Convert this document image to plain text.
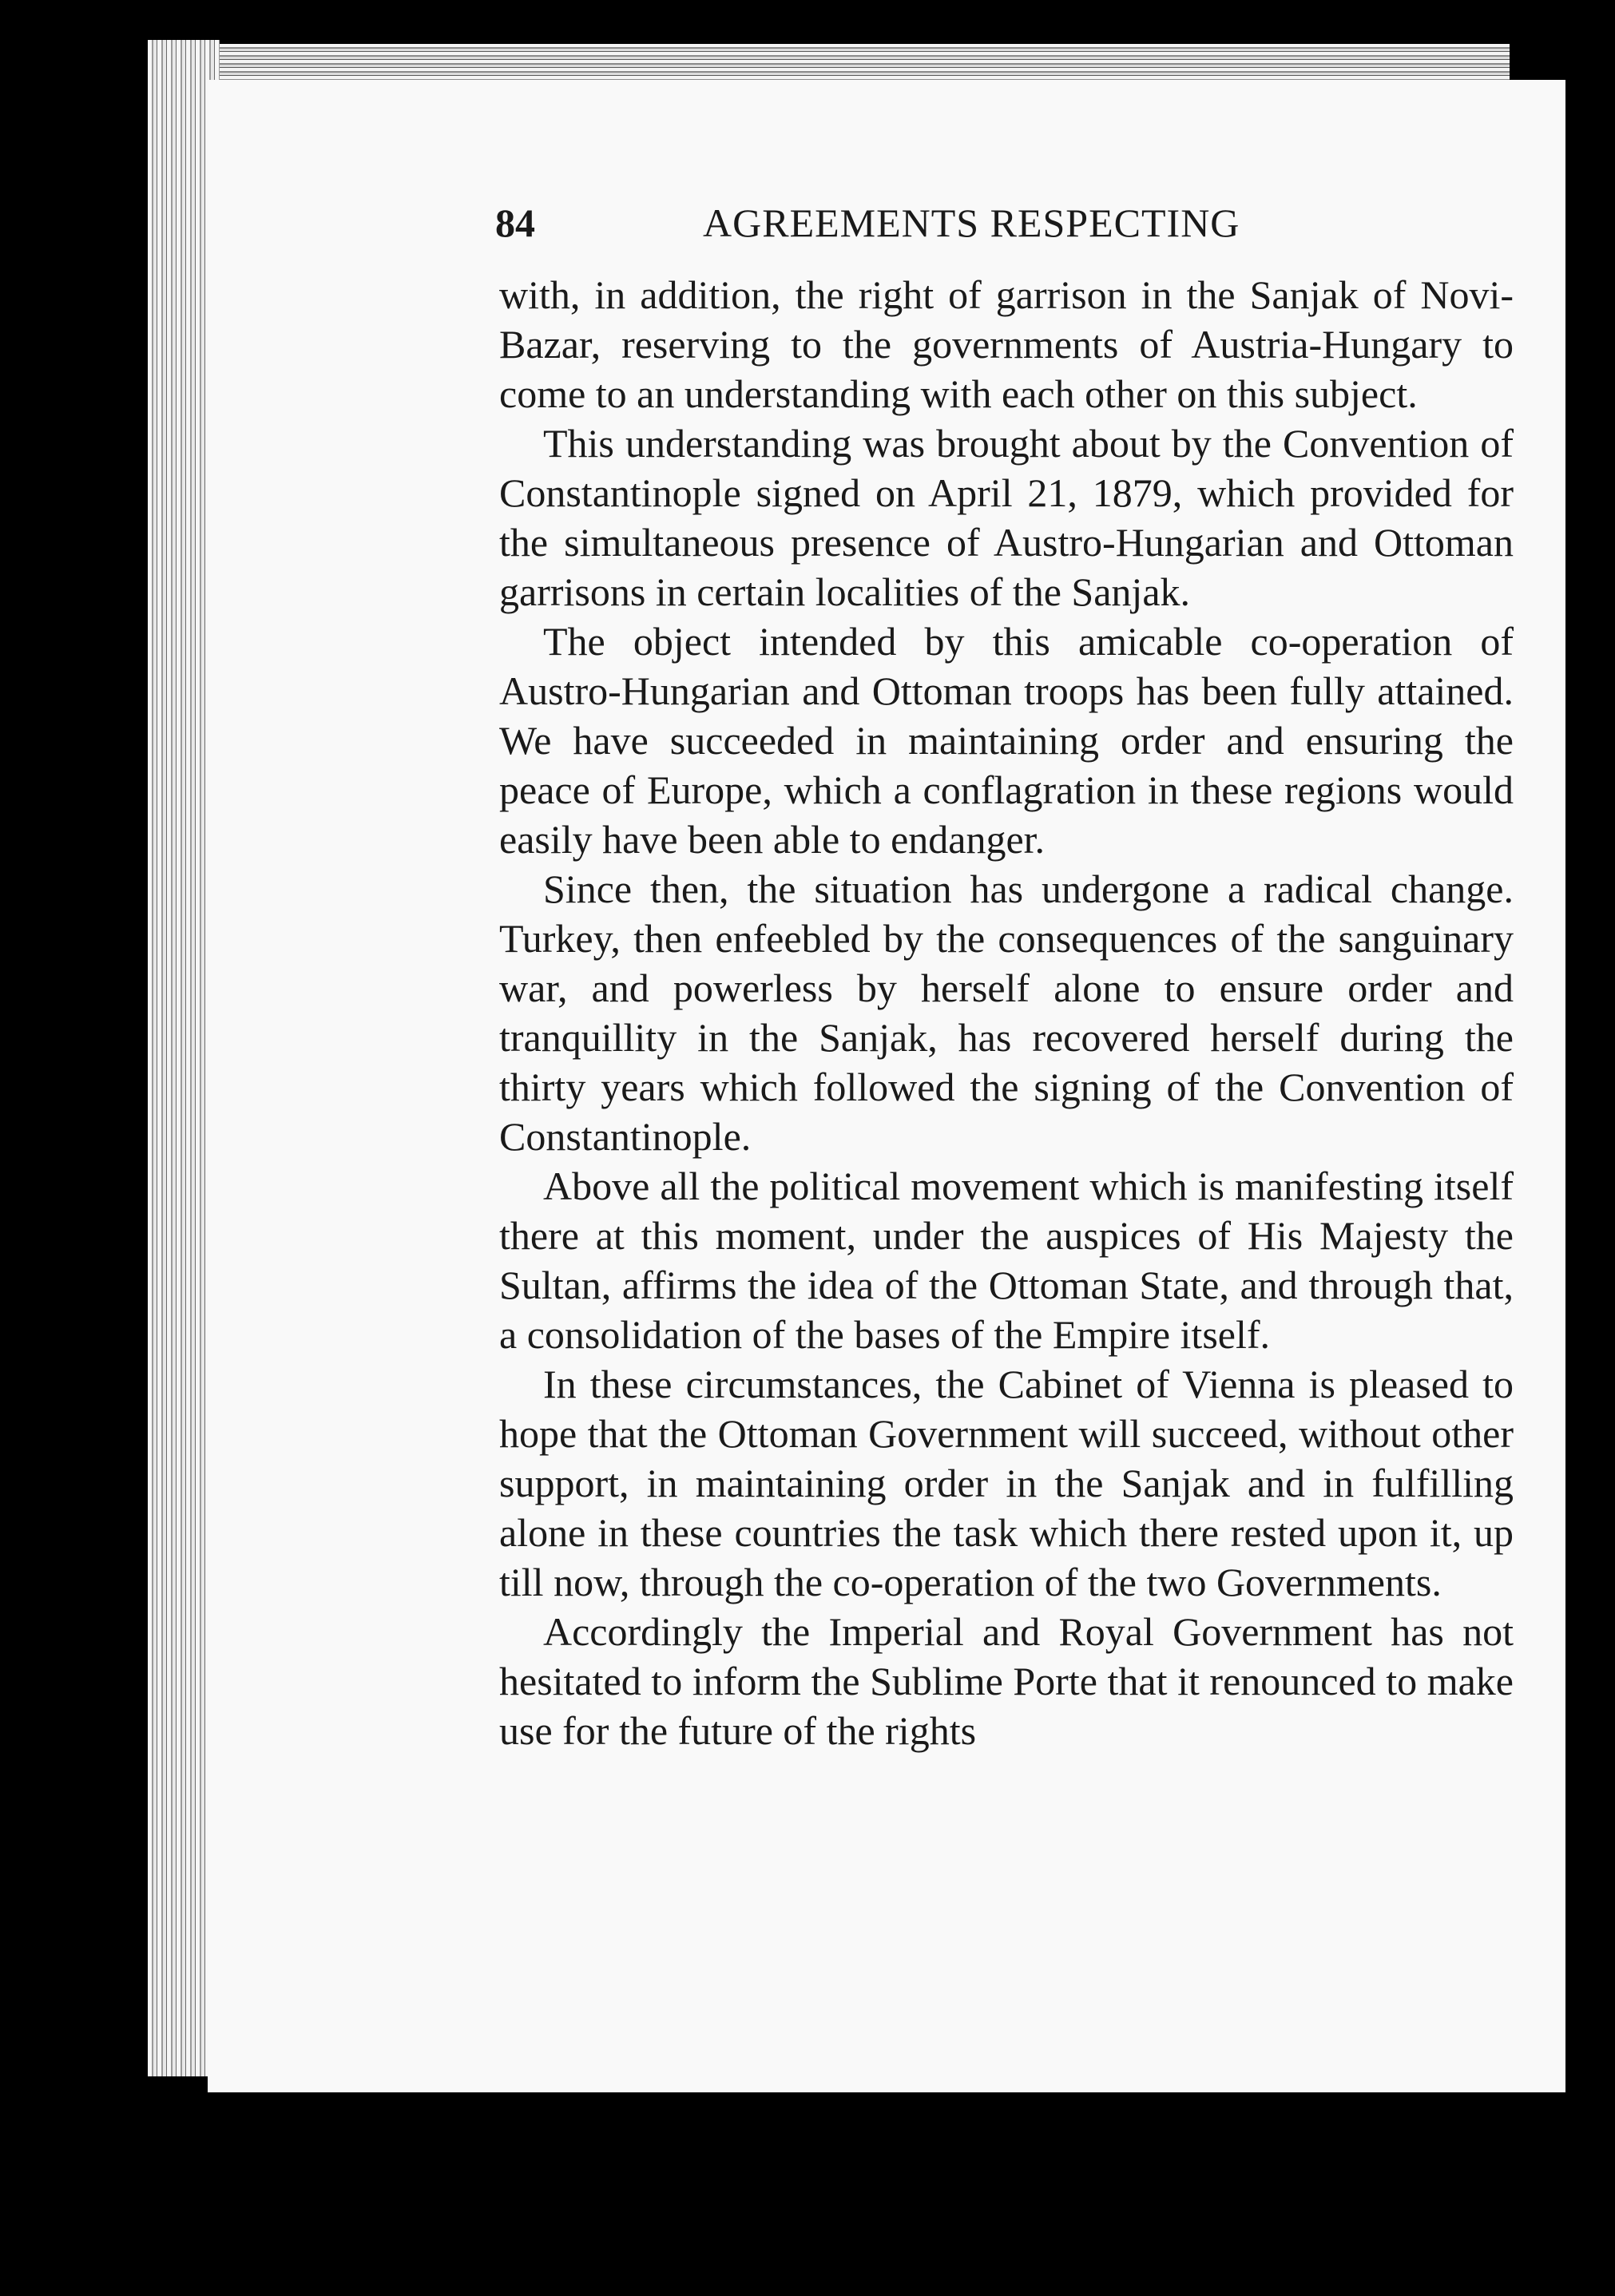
84	AGREEMENTS RESPECTING

with, in addition, the right of garrison in the Sanjak of Novi-Bazar, reserving to the governments of Austria-Hungary to come to an understanding with each other on this subject.

This understanding was brought about by the Convention of Constantinople signed on April 21, 1879, which provided for the simultaneous presence of Austro-Hungarian and Ottoman garrisons in certain localities of the Sanjak.

The object intended by this amicable co-operation of Austro-Hungarian and Ottoman troops has been fully attained. We have succeeded in maintaining order and ensuring the peace of Europe, which a conflagration in these regions would easily have been able to endanger.

Since then, the situation has undergone a radical change. Turkey, then enfeebled by the consequences of the sanguinary war, and powerless by herself alone to ensure order and tranquillity in the Sanjak, has recovered herself during the thirty years which followed the signing of the Convention of Constantinople.

Above all the political movement which is manifesting itself there at this moment, under the auspices of His Majesty the Sultan, affirms the idea of the Ottoman State, and through that, a consolidation of the bases of the Empire itself.

In these circumstances, the Cabinet of Vienna is pleased to hope that the Ottoman Government will succeed, without other support, in maintaining order in the Sanjak and in fulfilling alone in these countries the task which there rested upon it, up till now, through the co-operation of the two Governments.

Accordingly the Imperial and Royal Government has not hesitated to inform the Sublime Porte that it renounced to make use for the future of the rights
